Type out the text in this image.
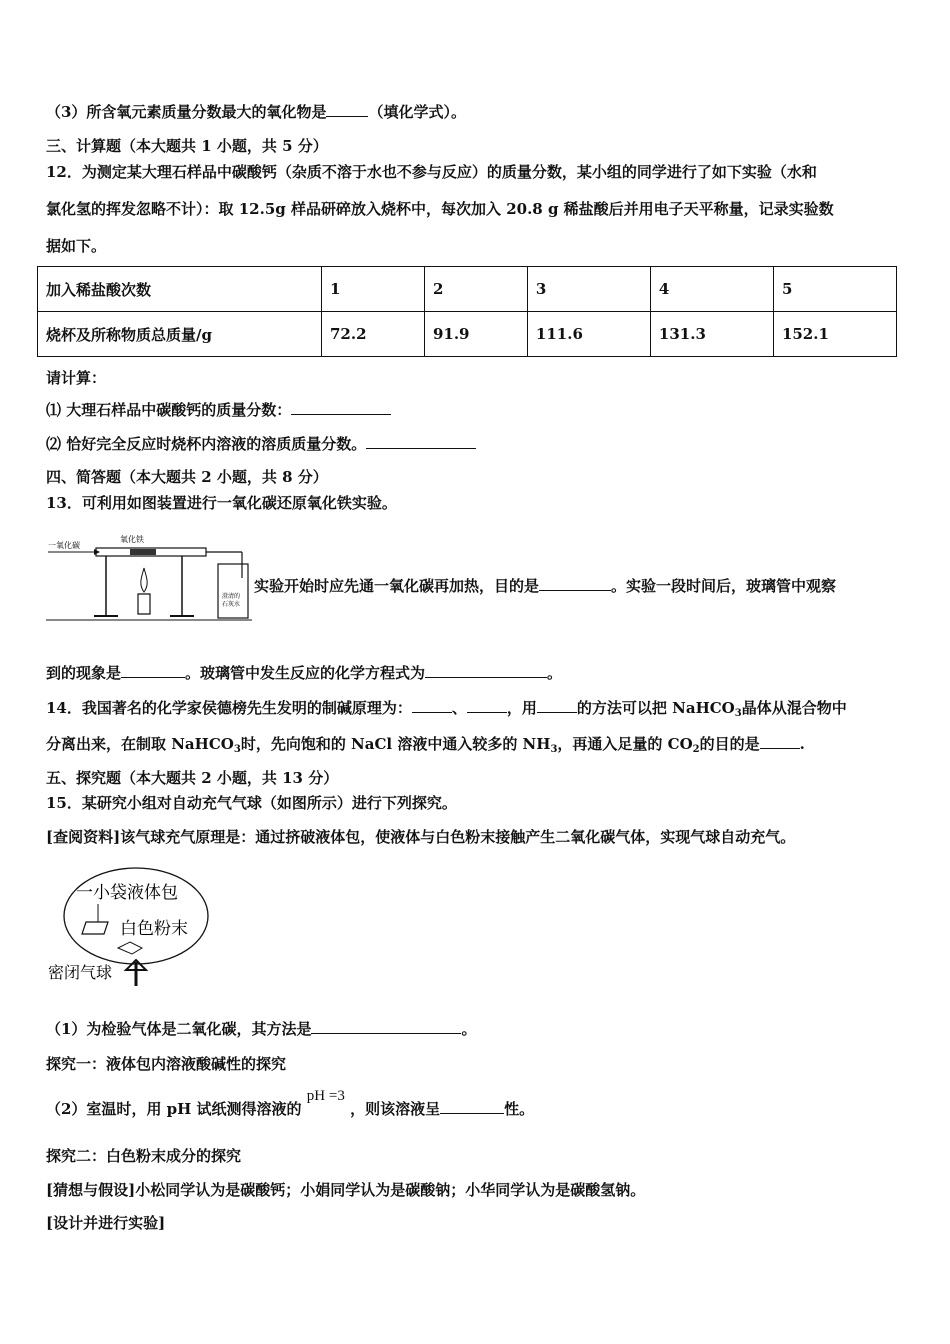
（3）所含氧元素质量分数最大的氧化物是	（填化学式）。
三、计算题（本大题共 1 小题，共 5 分）
12．为测定某大理石样品中碳酸钙（杂质不溶于水也不参与反应）的质量分数，某小组的同学进行了如下实验（水和
氯化氢的挥发忽略不计）：取 12.5g 样品研碎放入烧杯中，每次加入 20.8 g 稀盐酸后并用电子天平称量，记录实验数
据如下。
加入稀盐酸次数	1	2	3	4	5
烧杯及所称物质总质量/g	72.2	91.9	111.6	131.3	152.1
请计算：
⑴ 大理石样品中碳酸钙的质量分数：
⑵ 恰好完全反应时烧杯内溶液的溶质质量分数。
四、简答题（本大题共 2 小题，共 8 分）
13．可利用如图装置进行一氧化碳还原氧化铁实验。
一氧化碳
氧化铁
澄清的
石灰水
实验开始时应先通一氧化碳再加热，目的是	。实验一段时间后，玻璃管中观察
到的现象是	。玻璃管中发生反应的化学方程式为	。
14．我国著名的化学家侯德榜先生发明的制碱原理为：	、	，用	的方法可以把 NaHCO$_3$晶体从混合物中
分离出来，在制取 NaHCO$_3$时，先向饱和的 NaCl 溶液中通入较多的 $NH_3$，再通入足量的 $CO_2$的目的是	.
五、探究题（本大题共 2 小题，共 13 分）
15．某研究小组对自动充气气球（如图所示）进行下列探究。
[查阅资料]该气球充气原理是：通过挤破液体包，使液体与白色粉末接触产生二氧化碳气体，实现气球自动充气。
一小袋液体包
白色粉末
密闭气球
（1）为检验气体是二氧化碳，其方法是	。
探究一：液体包内溶液酸碱性的探究
（2）室温时，用 pH 试纸测得溶液的 pH =3 ，则该溶液呈	性。
探究二：白色粉末成分的探究
[猜想与假设]小松同学认为是碳酸钙；小娟同学认为是碳酸钠；小华同学认为是碳酸氢钠。
[设计并进行实验]
